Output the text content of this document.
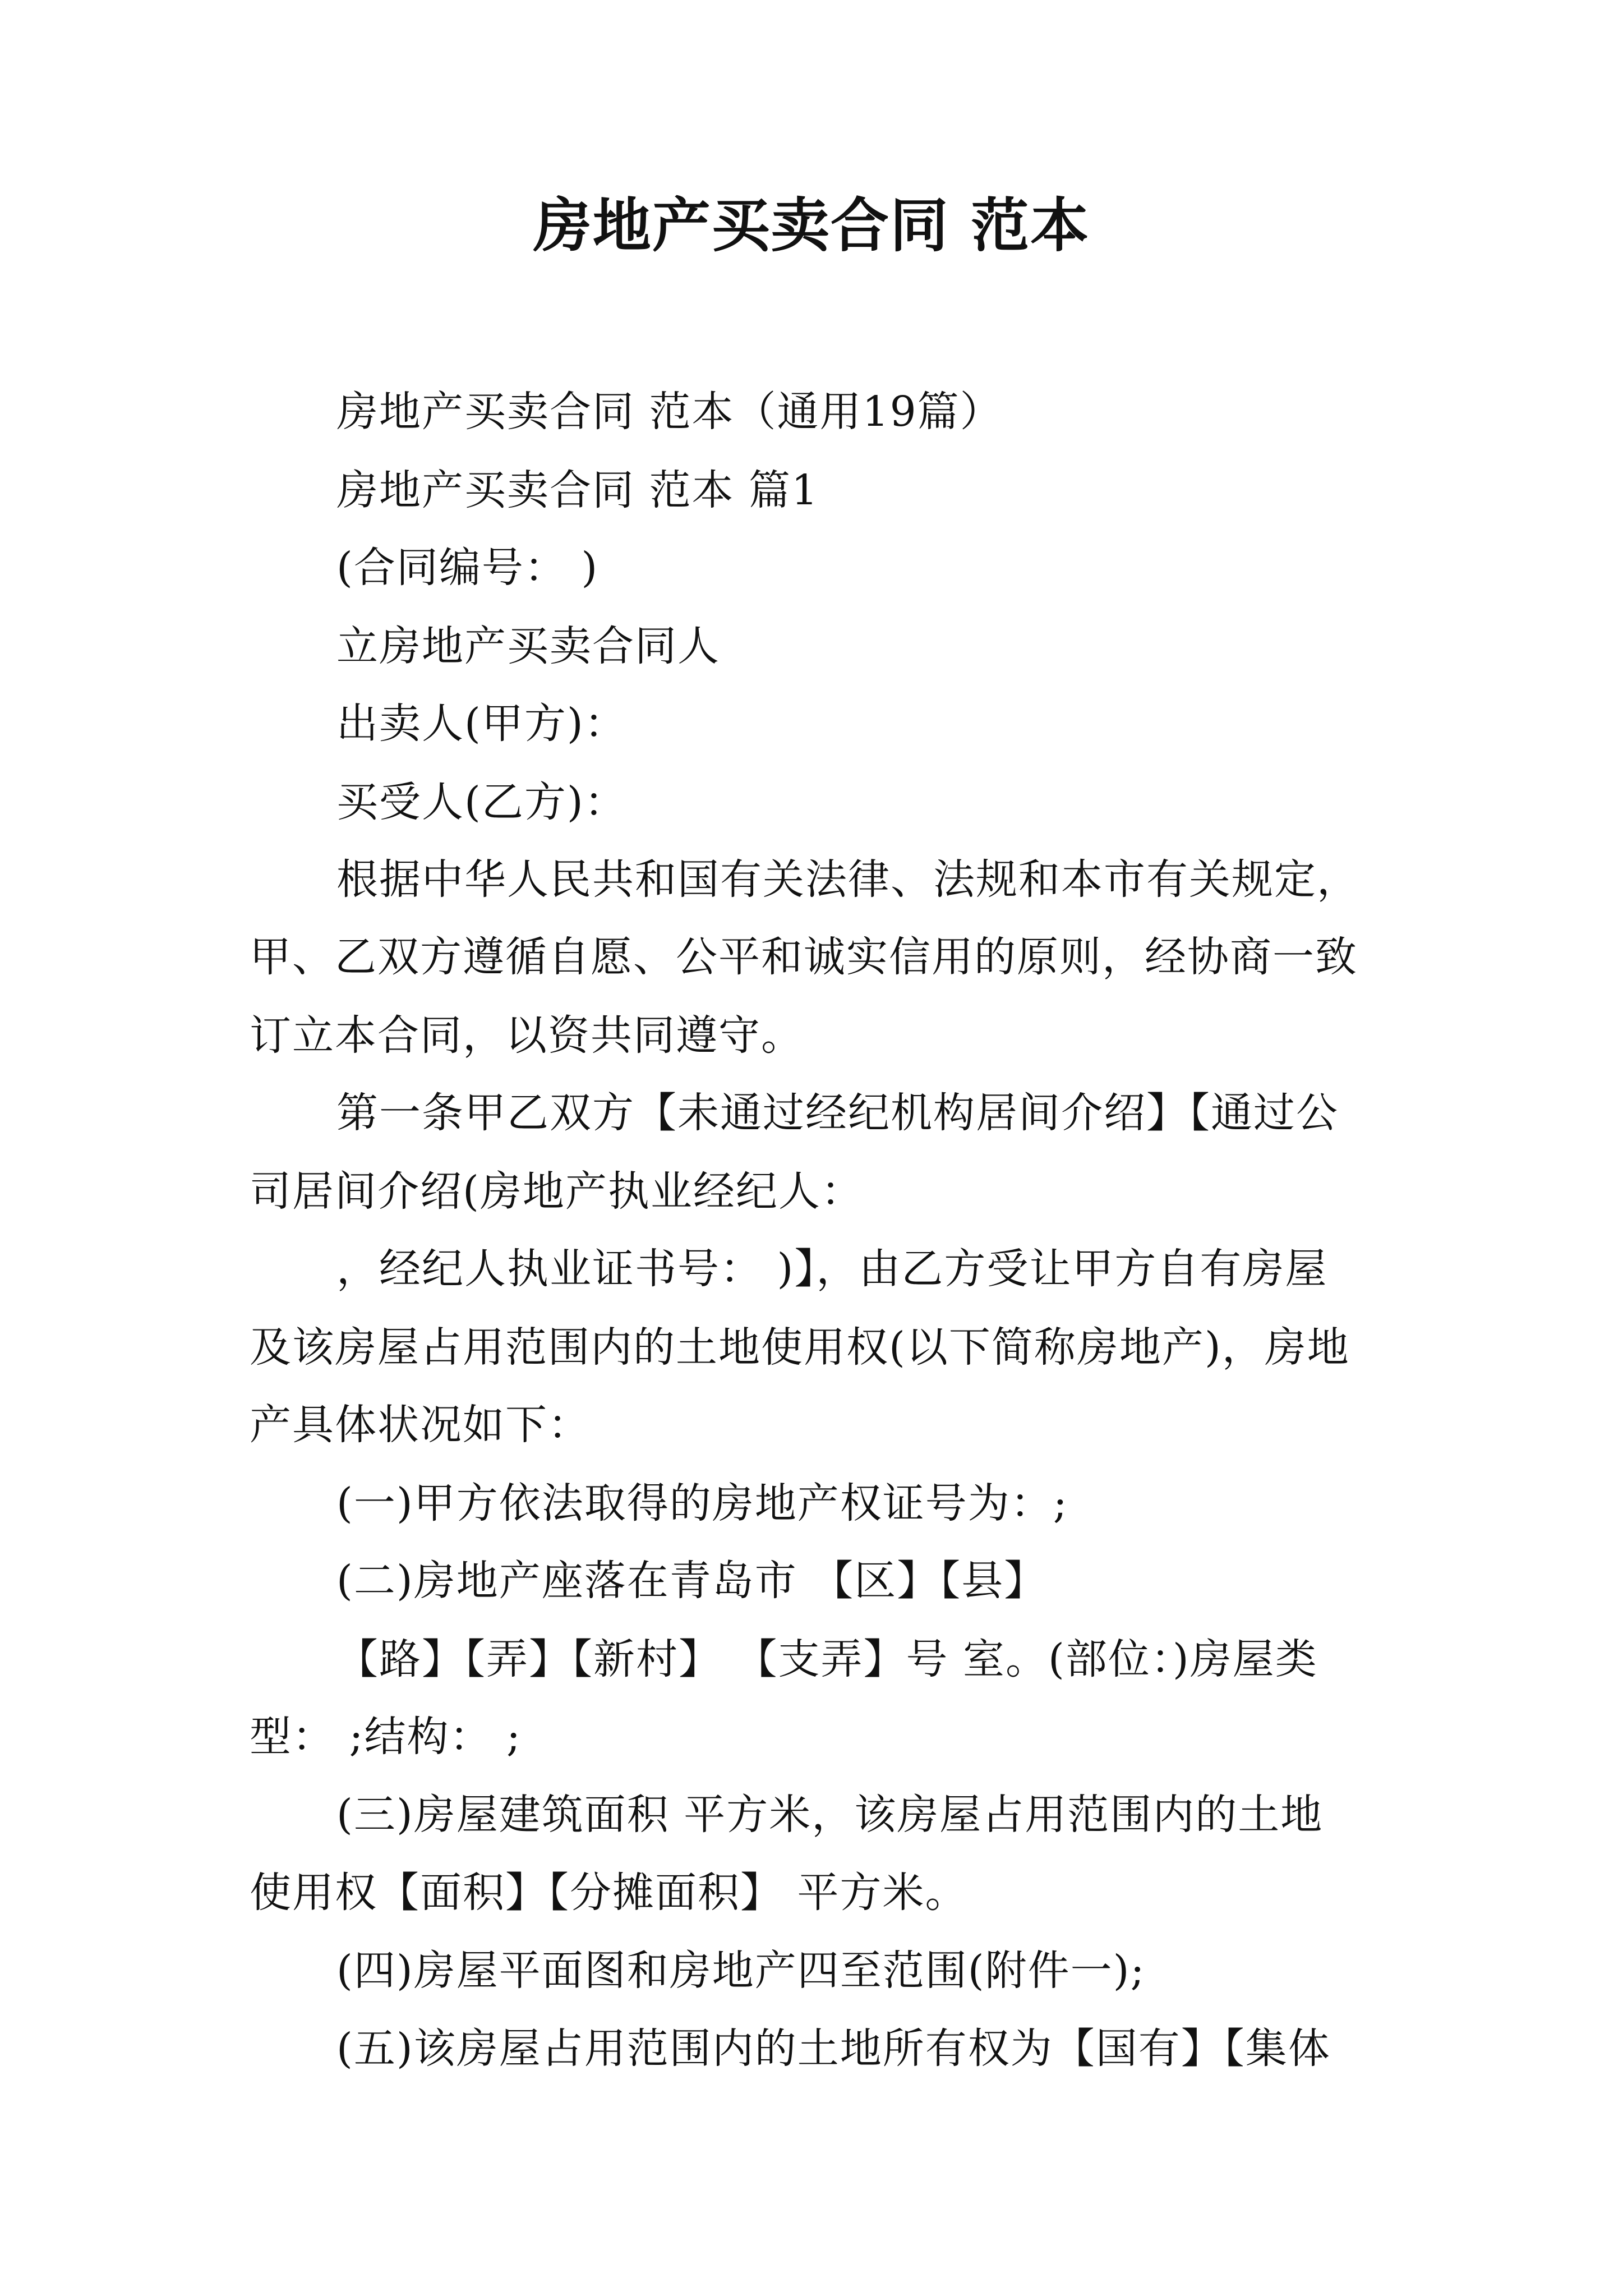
房地产买卖合同 范本

房地产买卖合同 范本（通用19篇）

房地产买卖合同 范本 篇1

(合同编号： )

立房地产买卖合同人

出卖人(甲方)：

买受人(乙方)：

根据中华人民共和国有关法律、法规和本市有关规定，

甲、乙双方遵循自愿、公平和诚实信用的原则，经协商一致

订立本合同，以资共同遵守。

第一条甲乙双方【未通过经纪机构居间介绍】【通过公

司居间介绍(房地产执业经纪人：

，经纪人执业证书号： )】，由乙方受让甲方自有房屋

及该房屋占用范围内的土地使用权(以下简称房地产)，房地

产具体状况如下：

(一)甲方依法取得的房地产权证号为：;

(二)房地产座落在青岛市 【区】【县】

【路】【弄】【新村】 【支弄】号 室。(部位：)房屋类

型： ;结构： ;

(三)房屋建筑面积 平方米，该房屋占用范围内的土地

使用权【面积】【分摊面积】 平方米。

(四)房屋平面图和房地产四至范围(附件一);

(五)该房屋占用范围内的土地所有权为【国有】【集体
